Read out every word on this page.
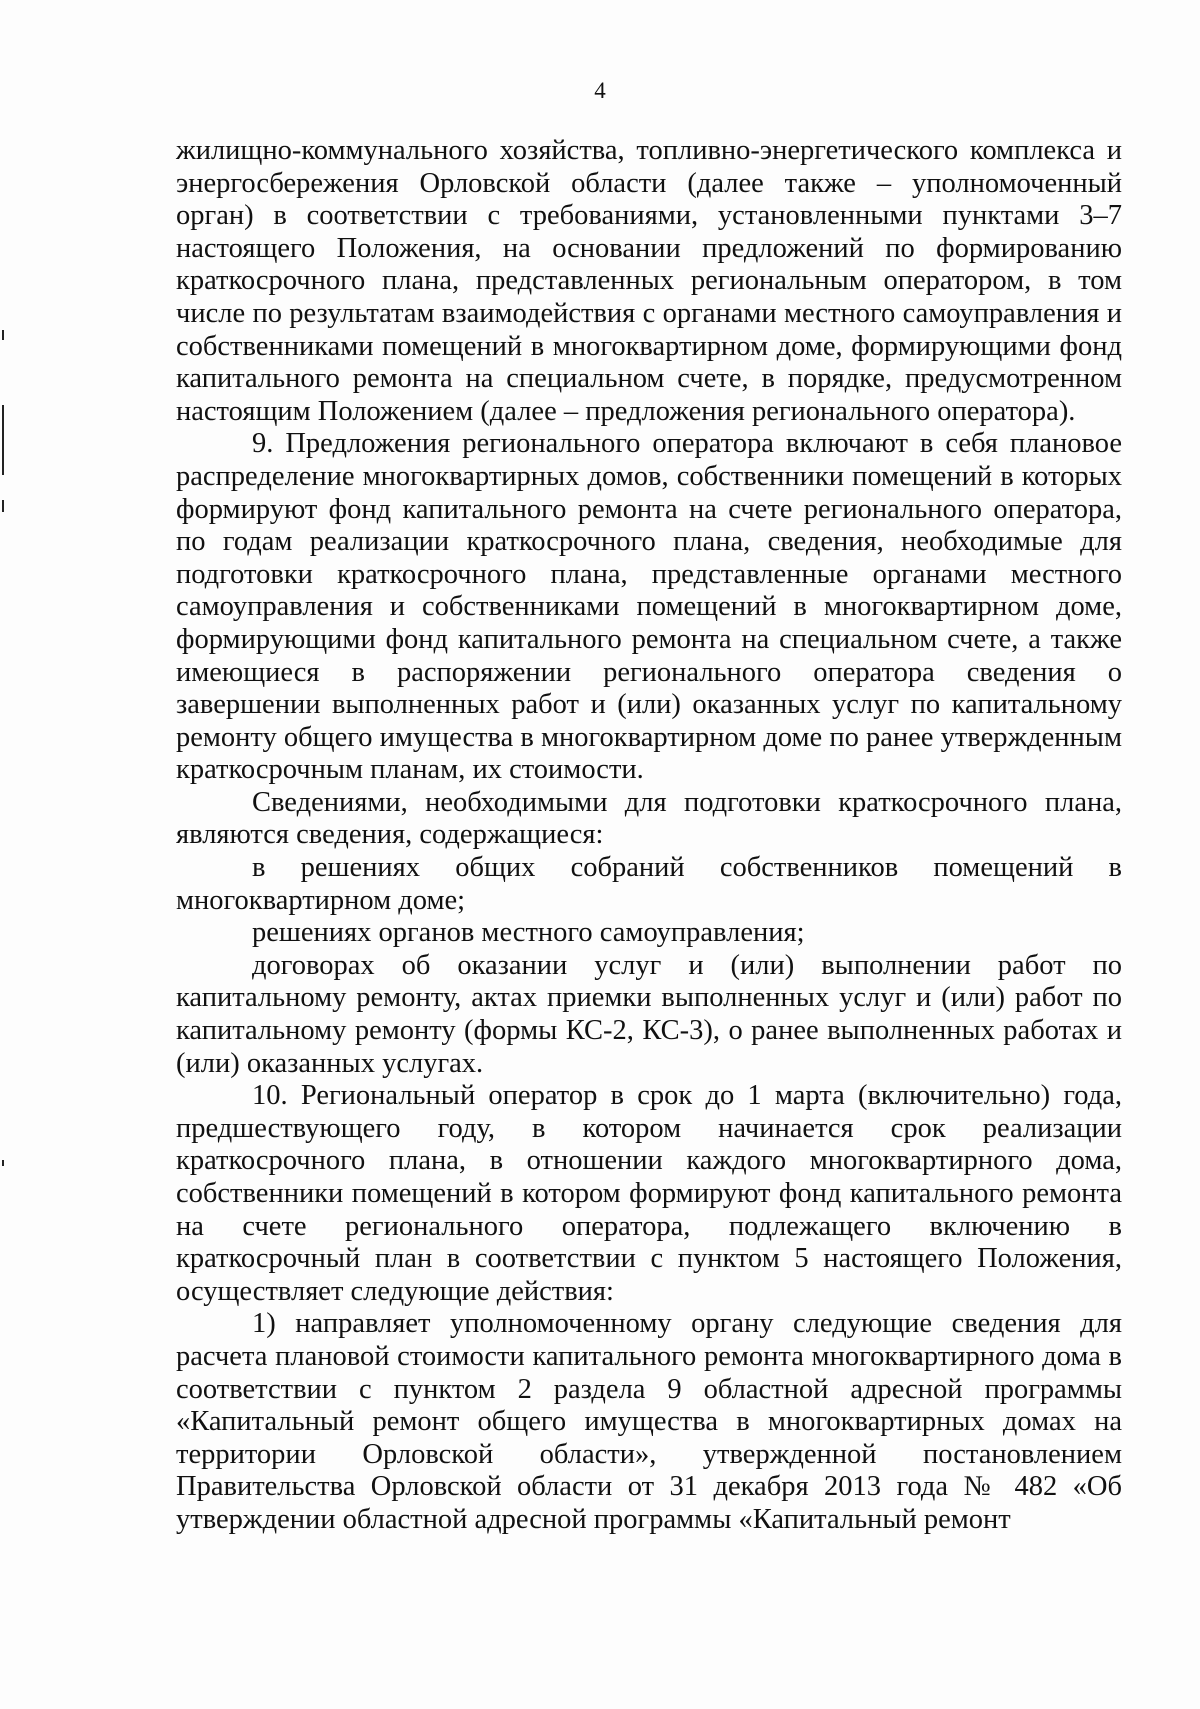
4

жилищно-коммунального хозяйства, топливно-энергетического комплекса и энергосбережения Орловской области (далее также – уполномоченный орган) в соответствии с требованиями, установленными пунктами 3–7 настоящего Положения, на основании предложений по формированию краткосрочного плана, представленных региональным оператором, в том числе по результатам взаимодействия с органами местного самоуправления и собственниками помещений в многоквартирном доме, формирующими фонд капитального ремонта на специальном счете, в порядке, предусмотренном настоящим Положением (далее – предложения регионального оператора).

9. Предложения регионального оператора включают в себя плановое распределение многоквартирных домов, собственники помещений в которых формируют фонд капитального ремонта на счете регионального оператора, по годам реализации краткосрочного плана, сведения, необходимые для подготовки краткосрочного плана, представленные органами местного самоуправления и собственниками помещений в многоквартирном доме, формирующими фонд капитального ремонта на специальном счете, а также имеющиеся в распоряжении регионального оператора сведения о завершении выполненных работ и (или) оказанных услуг по капитальному ремонту общего имущества в многоквартирном доме по ранее утвержденным краткосрочным планам, их стоимости.

Сведениями, необходимыми для подготовки краткосрочного плана, являются сведения, содержащиеся:

в решениях общих собраний собственников помещений в многоквартирном доме;

решениях органов местного самоуправления;

договорах об оказании услуг и (или) выполнении работ по капитальному ремонту, актах приемки выполненных услуг и (или) работ по капитальному ремонту (формы КС-2, КС-3), о ранее выполненных работах и (или) оказанных услугах.

10. Региональный оператор в срок до 1 марта (включительно) года, предшествующего году, в котором начинается срок реализации краткосрочного плана, в отношении каждого многоквартирного дома, собственники помещений в котором формируют фонд капитального ремонта на счете регионального оператора, подлежащего включению в краткосрочный план в соответствии с пунктом 5 настоящего Положения, осуществляет следующие действия:

1) направляет уполномоченному органу следующие сведения для расчета плановой стоимости капитального ремонта многоквартирного дома в соответствии с пунктом 2 раздела 9 областной адресной программы «Капитальный ремонт общего имущества в многоквартирных домах на территории Орловской области», утвержденной постановлением Правительства Орловской области от 31 декабря 2013 года № 482 «Об утверждении областной адресной программы «Капитальный ремонт
